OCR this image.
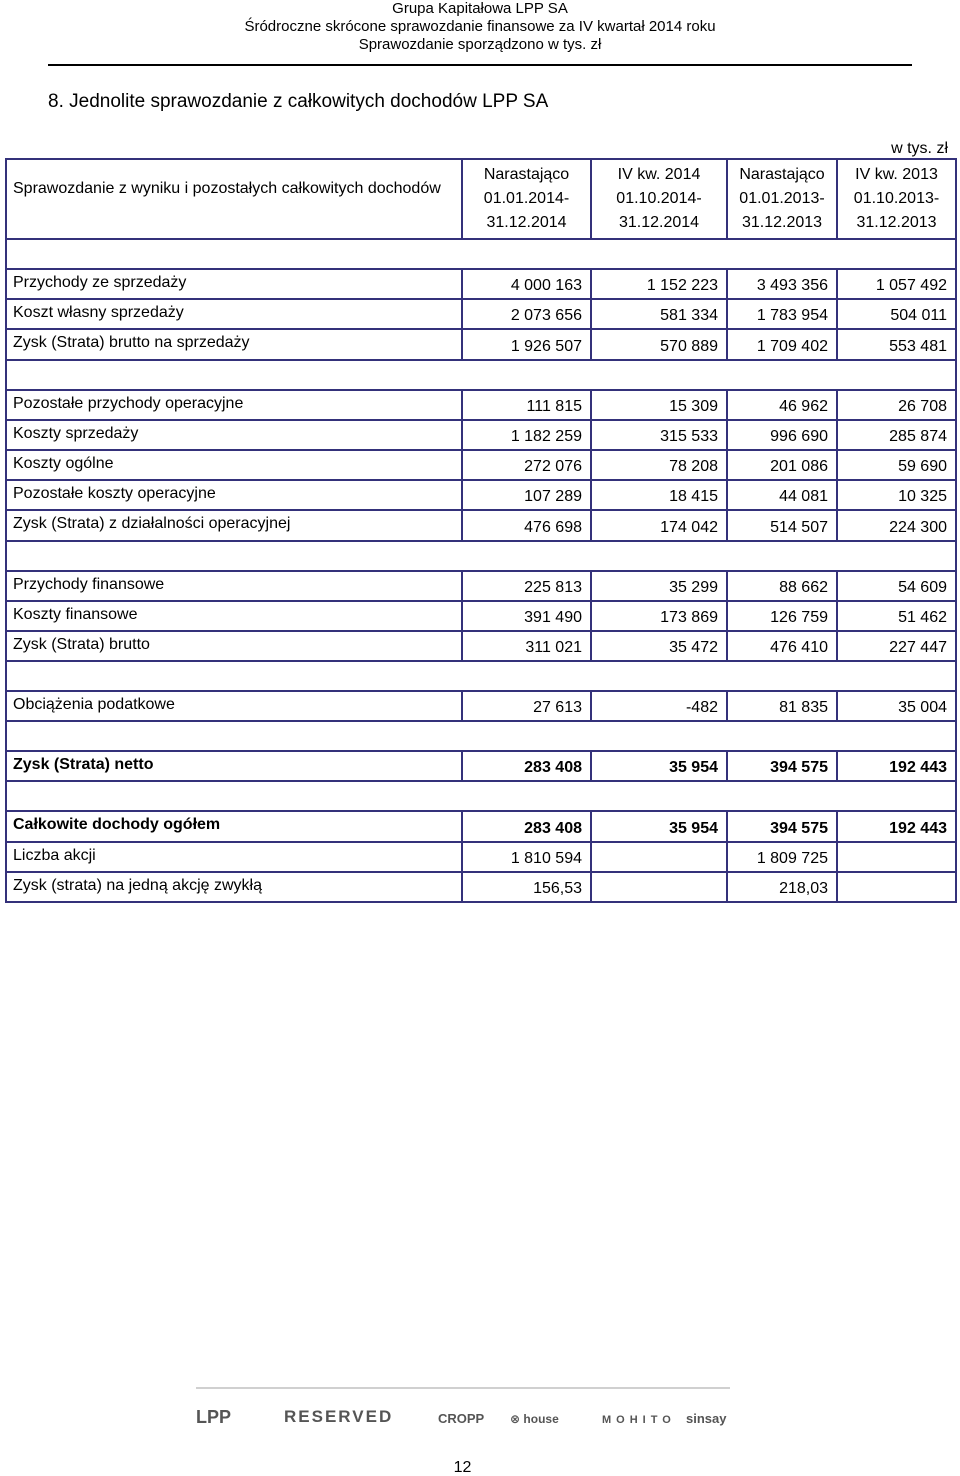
Grupa Kapitałowa LPP SA
Śródroczne skrócone sprawozdanie finansowe za IV kwartał 2014 roku
Sprawozdanie sporządzono w tys. zł
8. Jednolite sprawozdanie z całkowitych dochodów LPP SA
w tys. zł
Sprawozdanie z wyniku i pozostałych całkowitych dochodów	Narastająco
01.01.2014-
31.12.2014	IV kw. 2014
01.10.2014-
31.12.2014	Narastająco
01.01.2013-
31.12.2013	IV kw. 2013
01.10.2013-
31.12.2013

Przychody ze sprzedaży	4 000 163	1 152 223	3 493 356	1 057 492
Koszt własny sprzedaży	2 073 656	581 334	1 783 954	504 011
Zysk (Strata) brutto na sprzedaży	1 926 507	570 889	1 709 402	553 481

Pozostałe przychody operacyjne	111 815	15 309	46 962	26 708
Koszty sprzedaży	1 182 259	315 533	996 690	285 874
Koszty ogólne	272 076	78 208	201 086	59 690
Pozostałe koszty operacyjne	107 289	18 415	44 081	10 325
Zysk (Strata) z działalności operacyjnej	476 698	174 042	514 507	224 300

Przychody finansowe	225 813	35 299	88 662	54 609
Koszty finansowe	391 490	173 869	126 759	51 462
Zysk (Strata) brutto	311 021	35 472	476 410	227 447

Obciążenia podatkowe	27 613	-482	81 835	35 004

Zysk (Strata) netto	283 408	35 954	394 575	192 443

Całkowite dochody ogółem	283 408	35 954	394 575	192 443
Liczba akcji	1 810 594		1 809 725	
Zysk (strata) na jedną akcję zwykłą	156,53		218,03	
LPP	RESERVED	CROPP ⊗ house	MOHITO sinsay
12
